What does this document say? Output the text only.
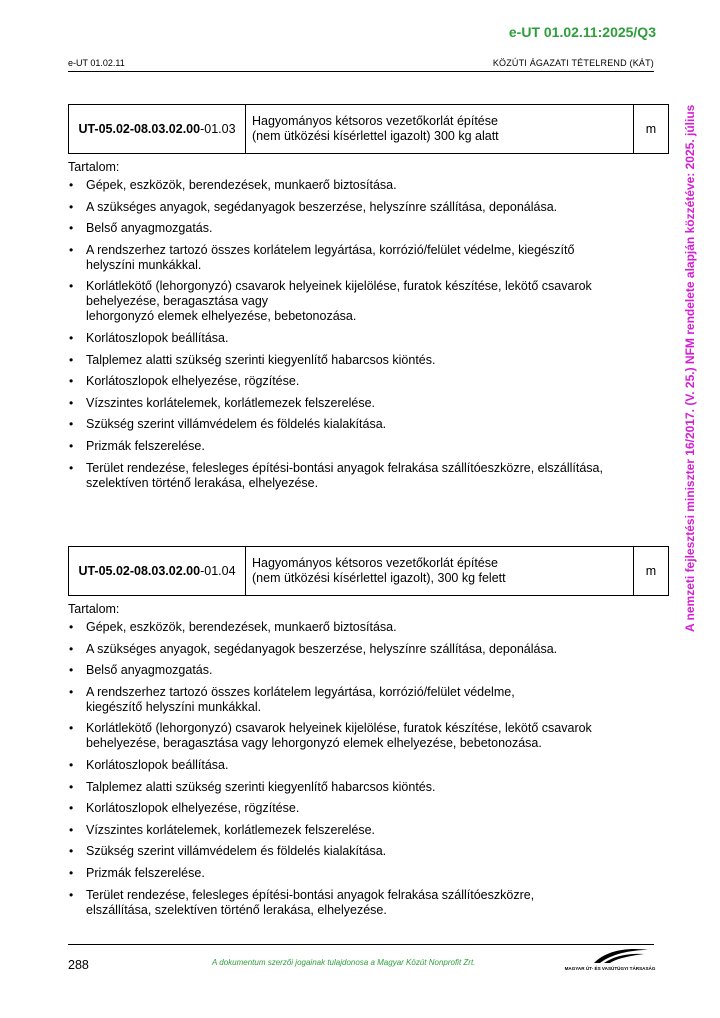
e-UT 01.02.11:2025/Q3
e-UT 01.02.11	KÖZÚTI ÁGAZATI TÉTELREND (KÁT)
A nemzeti fejlesztési miniszter 16/2017. (V. 25.) NFM rendelete alapján közzétéve: 2025. július
UT-05.02-08.03.02.00-01.03	
Hagyományos kétsoros vezetőkorlát építése
(nem ütközési kísérlettel igazolt) 300 kg alatt	m
Tartalom:
• Gépek, eszközök, berendezések, munkaerő biztosítása.
• A szükséges anyagok, segédanyagok beszerzése, helyszínre szállítása, deponálása.
• Belső anyagmozgatás.
• A rendszerhez tartozó összes korlátelem legyártása, korrózió/felület védelme, kiegészítő
helyszíni munkákkal.
• Korlátlekötő (lehorgonyzó) csavarok helyeinek kijelölése, furatok készítése, lekötő csavarok
behelyezése, beragasztása vagy
lehorgonyzó elemek elhelyezése, bebetonozása.
• Korlátoszlopok beállítása.
• Talplemez alatti szükség szerinti kiegyenlítő habarcsos kiöntés.
• Korlátoszlopok elhelyezése, rögzítése.
• Vízszintes korlátelemek, korlátlemezek felszerelése.
• Szükség szerint villámvédelem és földelés kialakítása.
• Prizmák felszerelése.
• Terület rendezése, felesleges építési-bontási anyagok felrakása szállítóeszközre, elszállítása,
szelektíven történő lerakása, elhelyezése.
UT-05.02-08.03.02.00-01.04	
Hagyományos kétsoros vezetőkorlát építése
(nem ütközési kísérlettel igazolt), 300 kg felett	m
Tartalom:
• Gépek, eszközök, berendezések, munkaerő biztosítása.
• A szükséges anyagok, segédanyagok beszerzése, helyszínre szállítása, deponálása.
• Belső anyagmozgatás.
• A rendszerhez tartozó összes korlátelem legyártása, korrózió/felület védelme,
kiegészítő helyszíni munkákkal.
• Korlátlekötő (lehorgonyzó) csavarok helyeinek kijelölése, furatok készítése, lekötő csavarok
behelyezése, beragasztása vagy lehorgonyzó elemek elhelyezése, bebetonozása.
• Korlátoszlopok beállítása.
• Talplemez alatti szükség szerinti kiegyenlítő habarcsos kiöntés.
• Korlátoszlopok elhelyezése, rögzítése.
• Vízszintes korlátelemek, korlátlemezek felszerelése.
• Szükség szerint villámvédelem és földelés kialakítása.
• Prizmák felszerelése.
• Terület rendezése, felesleges építési-bontási anyagok felrakása szállítóeszközre,
elszállítása, szelektíven történő lerakása, elhelyezése.
288	A dokumentum szerzői jogainak tulajdonosa a Magyar Közút Nonprofit Zrt.
MAGYAR ÚT- ÉS VASÚTÜGYI TÁRSASÁG
